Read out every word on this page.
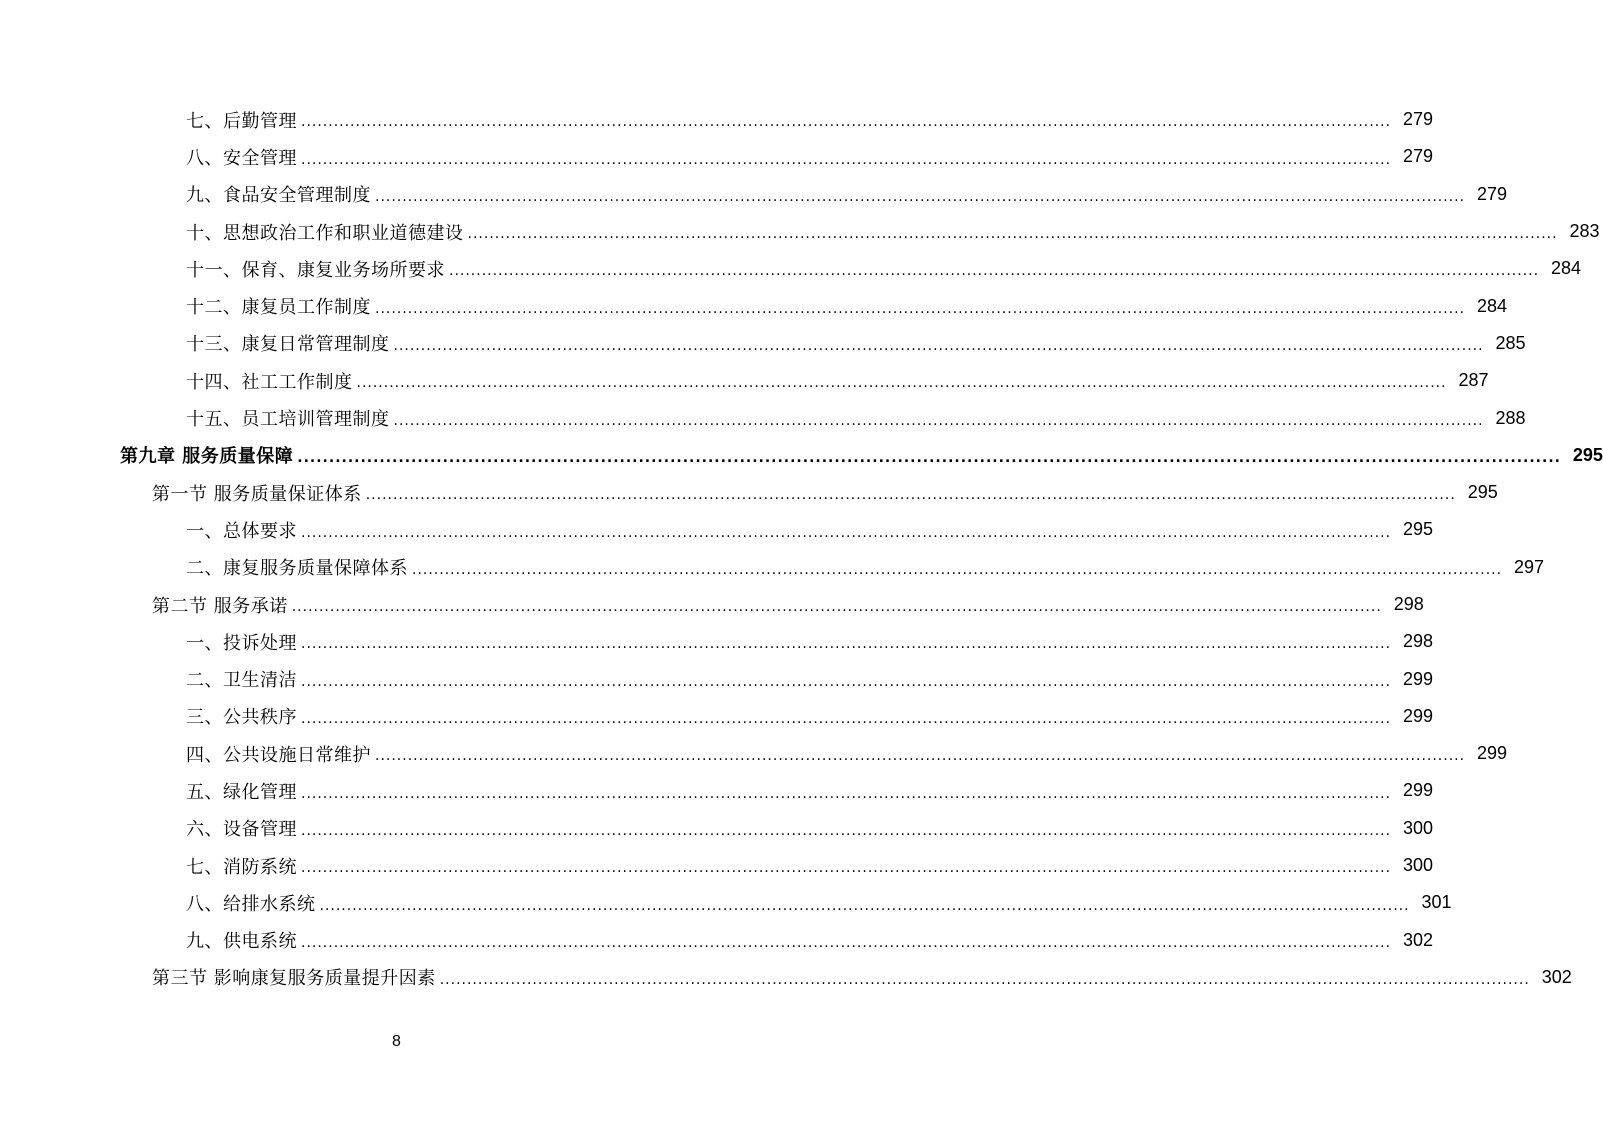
七、后勤管理 ........................................................................................................................................................................................................ 279
八、安全管理 ........................................................................................................................................................................................................ 279
九、食品安全管理制度 ........................................................................................................................................................................................................ 279
十、思想政治工作和职业道德建设 ........................................................................................................................................................................................................ 283
十一、保育、康复业务场所要求 ........................................................................................................................................................................................................ 284
十二、康复员工作制度 ........................................................................................................................................................................................................ 284
十三、康复日常管理制度 ........................................................................................................................................................................................................ 285
十四、社工工作制度 ........................................................................................................................................................................................................ 287
十五、员工培训管理制度 ........................................................................................................................................................................................................ 288
第九章 服务质量保障 ........................................................................................................................................................................................................ 295
第一节 服务质量保证体系 ........................................................................................................................................................................................................ 295
一、总体要求 ........................................................................................................................................................................................................ 295
二、康复服务质量保障体系 ........................................................................................................................................................................................................ 297
第二节 服务承诺 ........................................................................................................................................................................................................ 298
一、投诉处理 ........................................................................................................................................................................................................ 298
二、卫生清洁 ........................................................................................................................................................................................................ 299
三、公共秩序 ........................................................................................................................................................................................................ 299
四、公共设施日常维护 ........................................................................................................................................................................................................ 299
五、绿化管理 ........................................................................................................................................................................................................ 299
六、设备管理 ........................................................................................................................................................................................................ 300
七、消防系统 ........................................................................................................................................................................................................ 300
八、给排水系统 ........................................................................................................................................................................................................ 301
九、供电系统 ........................................................................................................................................................................................................ 302
第三节 影响康复服务质量提升因素 ........................................................................................................................................................................................................ 302
8
